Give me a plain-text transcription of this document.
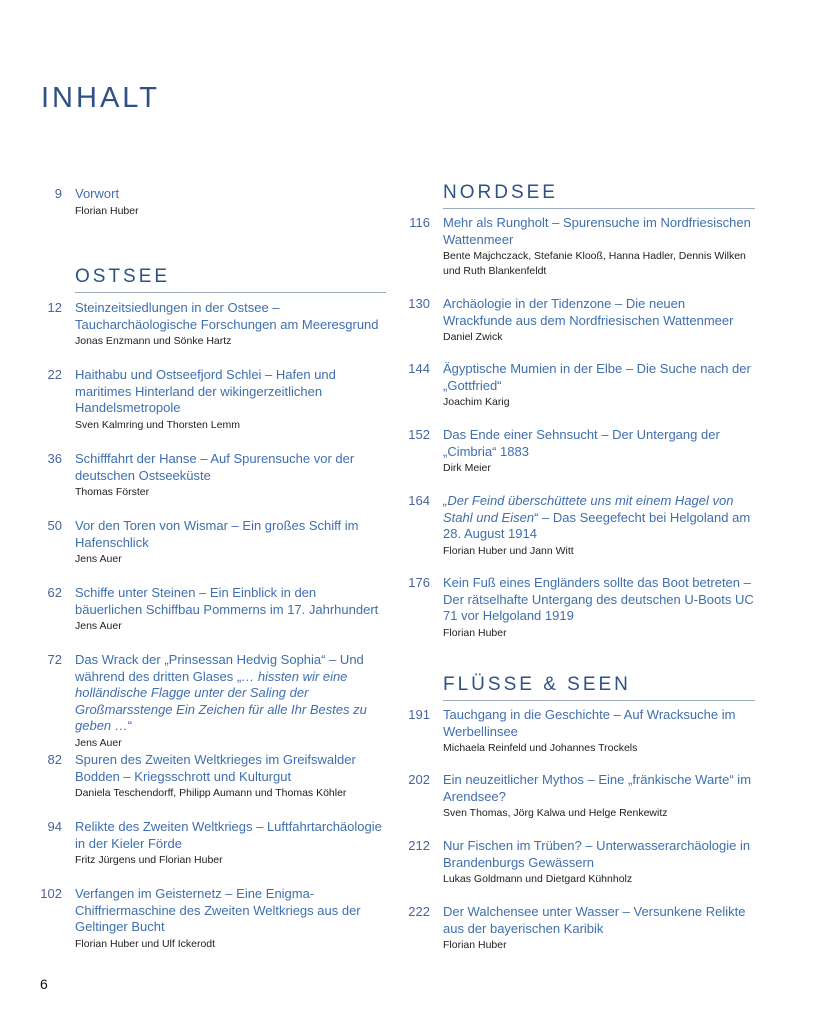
INHALT
9 Vorwort
Florian Huber
OSTSEE
12 Steinzeitsiedlungen in der Ostsee – Taucharchäologische Forschungen am Meeresgrund
Jonas Enzmann und Sönke Hartz
22 Haithabu und Ostseefjord Schlei – Hafen und maritimes Hinterland der wikingerzeitlichen Handelsmetropole
Sven Kalmring und Thorsten Lemm
36 Schifffahrt der Hanse – Auf Spurensuche vor der deutschen Ostseeküste
Thomas Förster
50 Vor den Toren von Wismar – Ein großes Schiff im Hafenschlick
Jens Auer
62 Schiffe unter Steinen – Ein Einblick in den bäuerlichen Schiffbau Pommerns im 17. Jahrhundert
Jens Auer
72 Das Wrack der „Prinsessan Hedvig Sophia“ – Und während des dritten Glases „… hissten wir eine holländische Flagge unter der Saling der Großmarsstenge Ein Zeichen für alle Ihr Bestes zu geben …“
Jens Auer
82 Spuren des Zweiten Weltkrieges im Greifswalder Bodden – Kriegsschrott und Kulturgut
Daniela Teschendorff, Philipp Aumann und Thomas Köhler
94 Relikte des Zweiten Weltkriegs – Luftfahrtarchäologie in der Kieler Förde
Fritz Jürgens und Florian Huber
102 Verfangen im Geisternetz – Eine Enigma-Chiffriermaschine des Zweiten Weltkriegs aus der Geltinger Bucht
Florian Huber und Ulf Ickerodt
NORDSEE
116 Mehr als Rungholt – Spurensuche im Nordfriesischen Wattenmeer
Bente Majchczack, Stefanie Klooß, Hanna Hadler, Dennis Wilken und Ruth Blankenfeldt
130 Archäologie in der Tidenzone – Die neuen Wrackfunde aus dem Nordfriesischen Wattenmeer
Daniel Zwick
144 Ägyptische Mumien in der Elbe – Die Suche nach der „Gottfried“
Joachim Karig
152 Das Ende einer Sehnsucht – Der Untergang der „Cimbria“ 1883
Dirk Meier
164 „Der Feind überschüttete uns mit einem Hagel von Stahl und Eisen“ – Das Seegefecht bei Helgoland am 28. August 1914
Florian Huber und Jann Witt
176 Kein Fuß eines Engländers sollte das Boot betreten – Der rätselhafte Untergang des deutschen U-Boots UC 71 vor Helgoland 1919
Florian Huber
FLÜSSE & SEEN
191 Tauchgang in die Geschichte – Auf Wracksuche im Werbellinsee
Michaela Reinfeld und Johannes Trockels
202 Ein neuzeitlicher Mythos – Eine „fränkische Warte“ im Arendsee?
Sven Thomas, Jörg Kalwa und Helge Renkewitz
212 Nur Fischen im Trüben? – Unterwasserarchäologie in Brandenburgs Gewässern
Lukas Goldmann und Dietgard Kühnholz
222 Der Walchensee unter Wasser – Versunkene Relikte aus der bayerischen Karibik
Florian Huber
6
